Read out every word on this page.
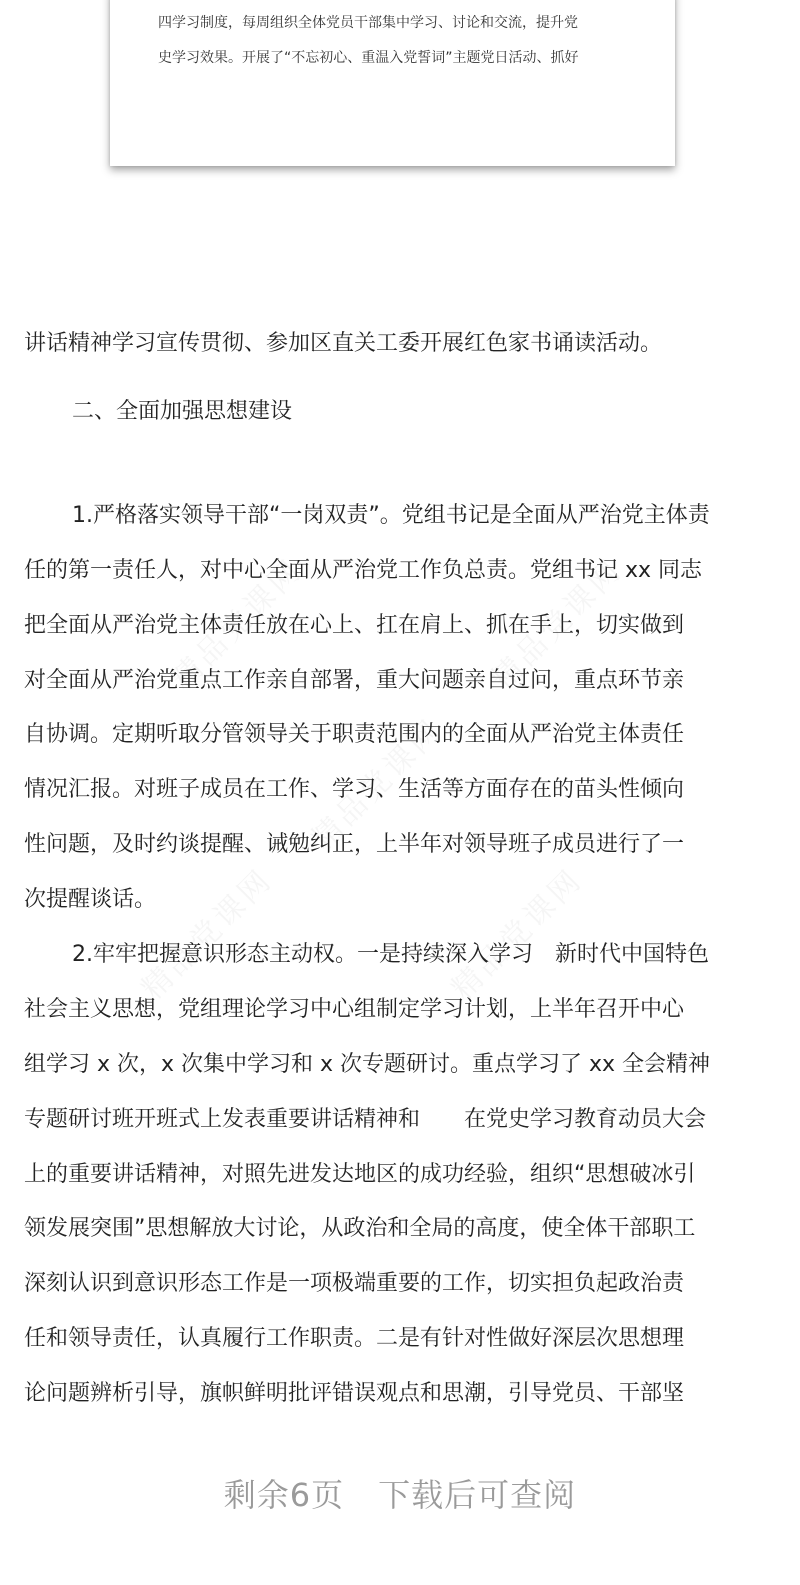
四学习制度，每周组织全体党员干部集中学习、讨论和交流，提升党
史学习效果。开展了“不忘初心、重温入党誓词”主题党日活动、抓好
精品党课网	精品党课网
精品党课网
精品党课网	精品党课网
讲话精神学习宣传贯彻、参加区直关工委开展红色家书诵读活动。
二、全面加强思想建设
1.严格落实领导干部“一岗双责”。党组书记是全面从严治党主体责
任的第一责任人，对中心全面从严治党工作负总责。党组书记 xx 同志
把全面从严治党主体责任放在心上、扛在肩上、抓在手上，切实做到
对全面从严治党重点工作亲自部署，重大问题亲自过问，重点环节亲
自协调。定期听取分管领导关于职责范围内的全面从严治党主体责任
情况汇报。对班子成员在工作、学习、生活等方面存在的苗头性倾向
性问题，及时约谈提醒、诫勉纠正，上半年对领导班子成员进行了一
次提醒谈话。
2.牢牢把握意识形态主动权。一是持续深入学习　新时代中国特色
社会主义思想，党组理论学习中心组制定学习计划，上半年召开中心
组学习 x 次，x 次集中学习和 x 次专题研讨。重点学习了 xx 全会精神
专题研讨班开班式上发表重要讲话精神和　　在党史学习教育动员大会
上的重要讲话精神，对照先进发达地区的成功经验，组织“思想破冰引
领发展突围”思想解放大讨论，从政治和全局的高度，使全体干部职工
深刻认识到意识形态工作是一项极端重要的工作，切实担负起政治责
任和领导责任，认真履行工作职责。二是有针对性做好深层次思想理
论问题辨析引导，旗帜鲜明批评错误观点和思潮，引导党员、干部坚
剩余6页 下载后可查阅
